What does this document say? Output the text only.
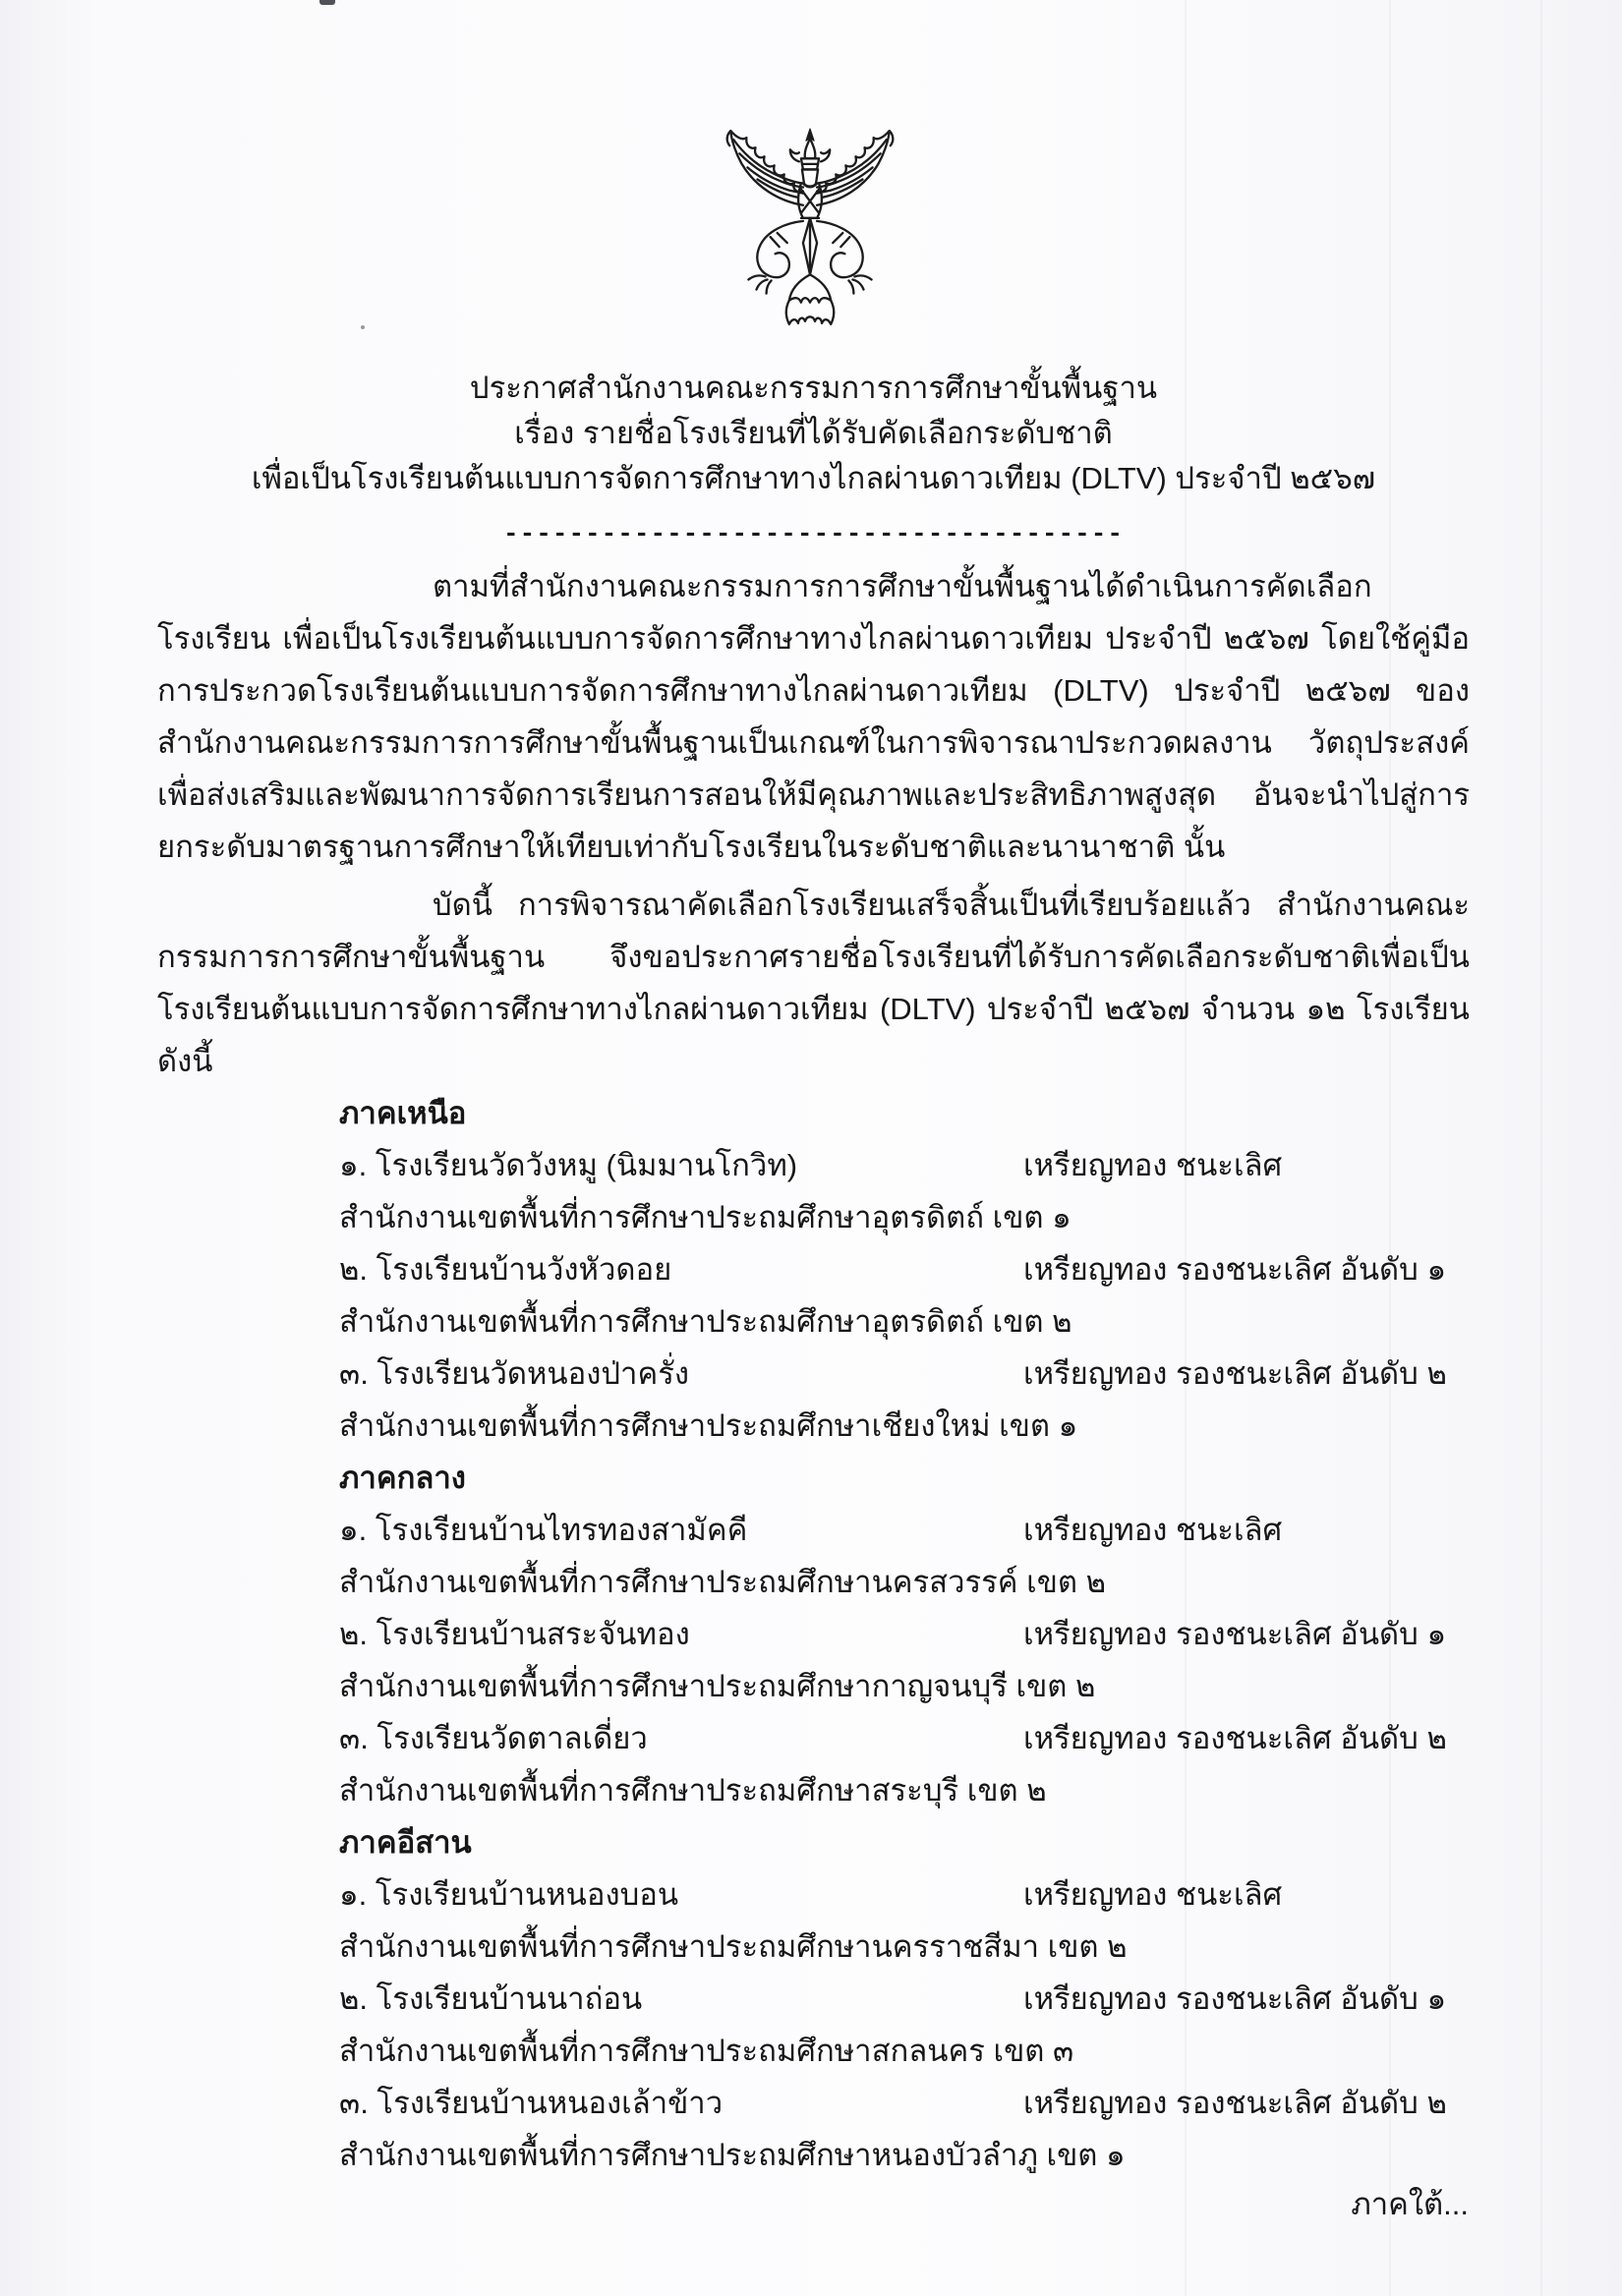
ประกาศสำนักงานคณะกรรมการการศึกษาขั้นพื้นฐาน
เรื่อง รายชื่อโรงเรียนที่ได้รับคัดเลือกระดับชาติ
เพื่อเป็นโรงเรียนต้นแบบการจัดการศึกษาทางไกลผ่านดาวเทียม (DLTV) ประจำปี ๒๕๖๗
--------------------------------------

ตามที่สำนักงานคณะกรรมการการศึกษาขั้นพื้นฐานได้ดำเนินการคัดเลือกโรงเรียน เพื่อเป็นโรงเรียนต้นแบบการจัดการศึกษาทางไกลผ่านดาวเทียม ประจำปี ๒๕๖๗ โดยใช้คู่มือการประกวดโรงเรียนต้นแบบการจัดการศึกษาทางไกลผ่านดาวเทียม (DLTV) ประจำปี ๒๕๖๗ ของสำนักงานคณะกรรมการการศึกษาขั้นพื้นฐานเป็นเกณฑ์ในการพิจารณาประกวดผลงาน วัตถุประสงค์เพื่อส่งเสริมและพัฒนาการจัดการเรียนการสอนให้มีคุณภาพและประสิทธิภาพสูงสุด อันจะนำไปสู่การยกระดับมาตรฐานการศึกษาให้เทียบเท่ากับโรงเรียนในระดับชาติและนานาชาติ นั้น

บัดนี้ การพิจารณาคัดเลือกโรงเรียนเสร็จสิ้นเป็นที่เรียบร้อยแล้ว สำนักงานคณะกรรมการการศึกษาขั้นพื้นฐาน จึงขอประกาศรายชื่อโรงเรียนที่ได้รับการคัดเลือกระดับชาติเพื่อเป็นโรงเรียนต้นแบบการจัดการศึกษาทางไกลผ่านดาวเทียม (DLTV) ประจำปี ๒๕๖๗ จำนวน ๑๒ โรงเรียน ดังนี้

ภาคเหนือ
๑. โรงเรียนวัดวังหมู (นิมมานโกวิท)	เหรียญทอง ชนะเลิศ
สำนักงานเขตพื้นที่การศึกษาประถมศึกษาอุตรดิตถ์ เขต ๑
๒. โรงเรียนบ้านวังหัวดอย	เหรียญทอง รองชนะเลิศ อันดับ ๑
สำนักงานเขตพื้นที่การศึกษาประถมศึกษาอุตรดิตถ์ เขต ๒
๓. โรงเรียนวัดหนองป่าครั่ง	เหรียญทอง รองชนะเลิศ อันดับ ๒
สำนักงานเขตพื้นที่การศึกษาประถมศึกษาเชียงใหม่ เขต ๑
ภาคกลาง
๑. โรงเรียนบ้านไทรทองสามัคคี	เหรียญทอง ชนะเลิศ
สำนักงานเขตพื้นที่การศึกษาประถมศึกษานครสวรรค์ เขต ๒
๒. โรงเรียนบ้านสระจันทอง	เหรียญทอง รองชนะเลิศ อันดับ ๑
สำนักงานเขตพื้นที่การศึกษาประถมศึกษากาญจนบุรี เขต ๒
๓. โรงเรียนวัดตาลเดี่ยว	เหรียญทอง รองชนะเลิศ อันดับ ๒
สำนักงานเขตพื้นที่การศึกษาประถมศึกษาสระบุรี เขต ๒
ภาคอีสาน
๑. โรงเรียนบ้านหนองบอน	เหรียญทอง ชนะเลิศ
สำนักงานเขตพื้นที่การศึกษาประถมศึกษานครราชสีมา เขต ๒
๒. โรงเรียนบ้านนาถ่อน	เหรียญทอง รองชนะเลิศ อันดับ ๑
สำนักงานเขตพื้นที่การศึกษาประถมศึกษาสกลนคร เขต ๓
๓. โรงเรียนบ้านหนองเล้าข้าว	เหรียญทอง รองชนะเลิศ อันดับ ๒
สำนักงานเขตพื้นที่การศึกษาประถมศึกษาหนองบัวลำภู เขต ๑
ภาคใต้...
